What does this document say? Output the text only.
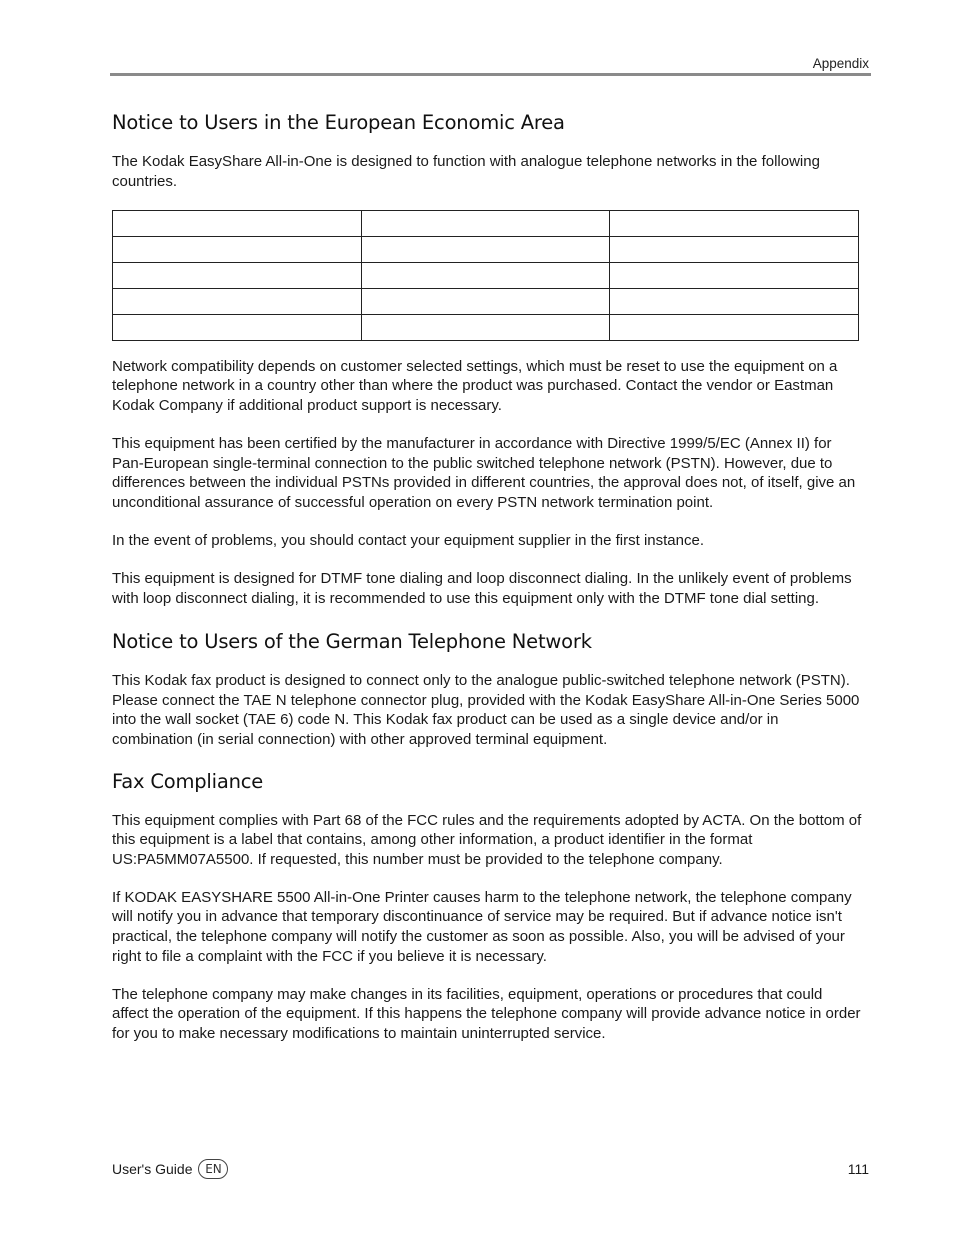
Appendix
Notice to Users in the European Economic Area

The Kodak EasyShare All-in-One is designed to function with analogue telephone networks in the following countries.

Network compatibility depends on customer selected settings, which must be reset to use the equipment on a telephone network in a country other than where the product was purchased. Contact the vendor or Eastman Kodak Company if additional product support is necessary.

This equipment has been certified by the manufacturer in accordance with Directive 1999/5/EC (Annex II) for Pan-European single-terminal connection to the public switched telephone network (PSTN). However, due to differences between the individual PSTNs provided in different countries, the approval does not, of itself, give an unconditional assurance of successful operation on every PSTN network termination point.

In the event of problems, you should contact your equipment supplier in the first instance.

This equipment is designed for DTMF tone dialing and loop disconnect dialing. In the unlikely event of problems with loop disconnect dialing, it is recommended to use this equipment only with the DTMF tone dial setting.

Notice to Users of the German Telephone Network

This Kodak fax product is designed to connect only to the analogue public-switched telephone network (PSTN). Please connect the TAE N telephone connector plug, provided with the Kodak EasyShare All-in-One Series 5000 into the wall socket (TAE 6) code N. This Kodak fax product can be used as a single device and/or in combination (in serial connection) with other approved terminal equipment.

Fax Compliance

This equipment complies with Part 68 of the FCC rules and the requirements adopted by ACTA. On the bottom of this equipment is a label that contains, among other information, a product identifier in the format US:PA5MM07A5500. If requested, this number must be provided to the telephone company.

If KODAK EASYSHARE 5500 All-in-One Printer causes harm to the telephone network, the telephone company will notify you in advance that temporary discontinuance of service may be required. But if advance notice isn't practical, the telephone company will notify the customer as soon as possible. Also, you will be advised of your right to file a complaint with the FCC if you believe it is necessary.

The telephone company may make changes in its facilities, equipment, operations or procedures that could affect the operation of the equipment. If this happens the telephone company will provide advance notice in order for you to make necessary modifications to maintain uninterrupted service.

User's Guide	EN	111
